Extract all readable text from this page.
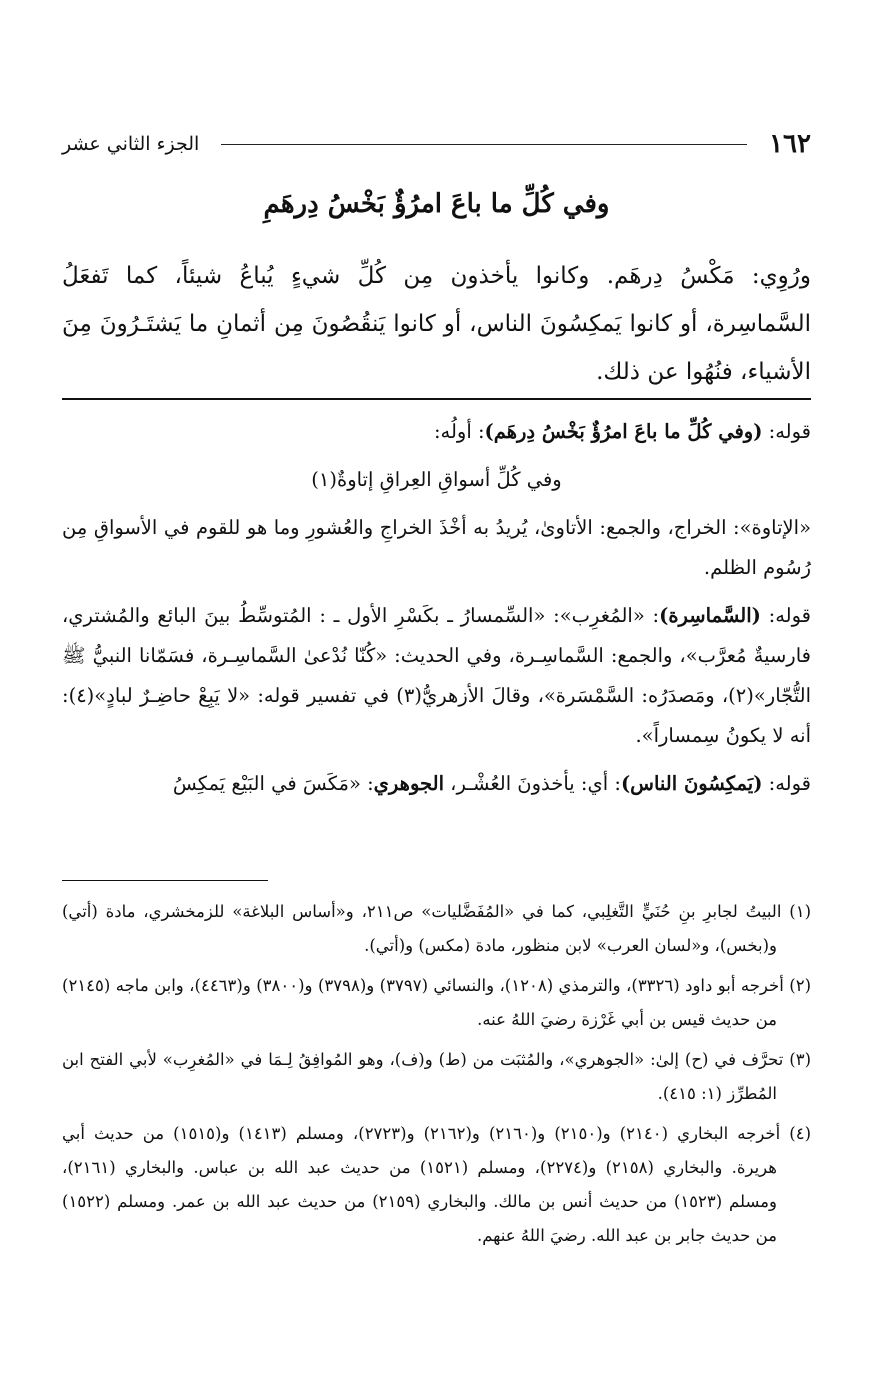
١٦٢
الجزء الثاني عشر
وفي كُلِّ ما باعَ امرُؤٌ بَخْسُ دِرهَمِ
ورُوِي: مَكْسُ دِرهَم. وكانوا يأخذون مِن كُلِّ شيءٍ يُباعُ شيئاً، كما تَفعَلُ السَّماسِرة، أو كانوا يَمكِسُونَ الناس، أو كانوا يَنقُصُونَ مِن أثمانِ ما يَشتَـرُونَ مِنَ الأشياء، فنُهُوا عن ذلك.

قوله: (وفي كُلِّ ما باعَ امرُؤٌ بَخْسُ دِرهَم): أولُه:

وفي كُلِّ أسواقِ العِراقِ إتاوةٌ(١)

«الإتاوة»: الخراج، والجمع: الأتاوىٰ، يُريدُ به أخْذَ الخراجِ والعُشورِ وما هو للقوم في الأسواقِ مِن رُسُوم الظلم.

قوله: (السَّماسِرة): «المُغرِب»: «السِّمسارُ ـ بكَسْرِ الأول ـ : المُتوسِّطُ بينَ البائع والمُشتري، فارسيةٌ مُعرَّب»، والجمع: السَّماسِـرة، وفي الحديث: «كُنّا نُدْعىٰ السَّماسِـرة، فسَمّانا النبيُّ ﷺ التُّجّار»(٢)، ومَصدَرُه: السَّمْسَرة»، وقالَ الأزهريُّ(٣) في تفسير قوله: «لا يَبِعْ حاضِـرٌ لبادٍ»(٤): أنه لا يكونُ سِمساراً».

قوله: (يَمكِسُونَ الناس): أي: يأخذونَ العُشْـر، الجوهري: «مَكَسَ في البَيْع يَمكِسُ

(١) البيتُ لجابرِ بنِ حُنَيٍّ التَّغلِبي، كما في «المُفَضَّليات» ص٢١١، و«أساس البلاغة» للزمخشري، مادة (أتي) و(بخس)، و«لسان العرب» لابن منظور، مادة (مكس) و(أتي).

(٢) أخرجه أبو داود (٣٣٢٦)، والترمذي (١٢٠٨)، والنسائي (٣٧٩٧) و(٣٧٩٨) و(٣٨٠٠) و(٤٤٦٣)، وابن ماجه (٢١٤٥) من حديث قيس بن أبي غَرْزة رضيَ اللهُ عنه.

(٣) تحرَّف في (ح) إلىٰ: «الجوهري»، والمُثبَت من (ط) و(ف)، وهو المُوافِقُ لِـمَا في «المُغرِب» لأبي الفتح ابن المُطرِّز (١: ٤١٥).

(٤) أخرجه البخاري (٢١٤٠) و(٢١٥٠) و(٢١٦٠) و(٢١٦٢) و(٢٧٢٣)، ومسلم (١٤١٣) و(١٥١٥) من حديث أبي هريرة. والبخاري (٢١٥٨) و(٢٢٧٤)، ومسلم (١٥٢١) من حديث عبد الله بن عباس. والبخاري (٢١٦١)، ومسلم (١٥٢٣) من حديث أنس بن مالك. والبخاري (٢١٥٩) من حديث عبد الله بن عمر. ومسلم (١٥٢٢) من حديث جابر بن عبد الله. رضيَ اللهُ عنهم.
